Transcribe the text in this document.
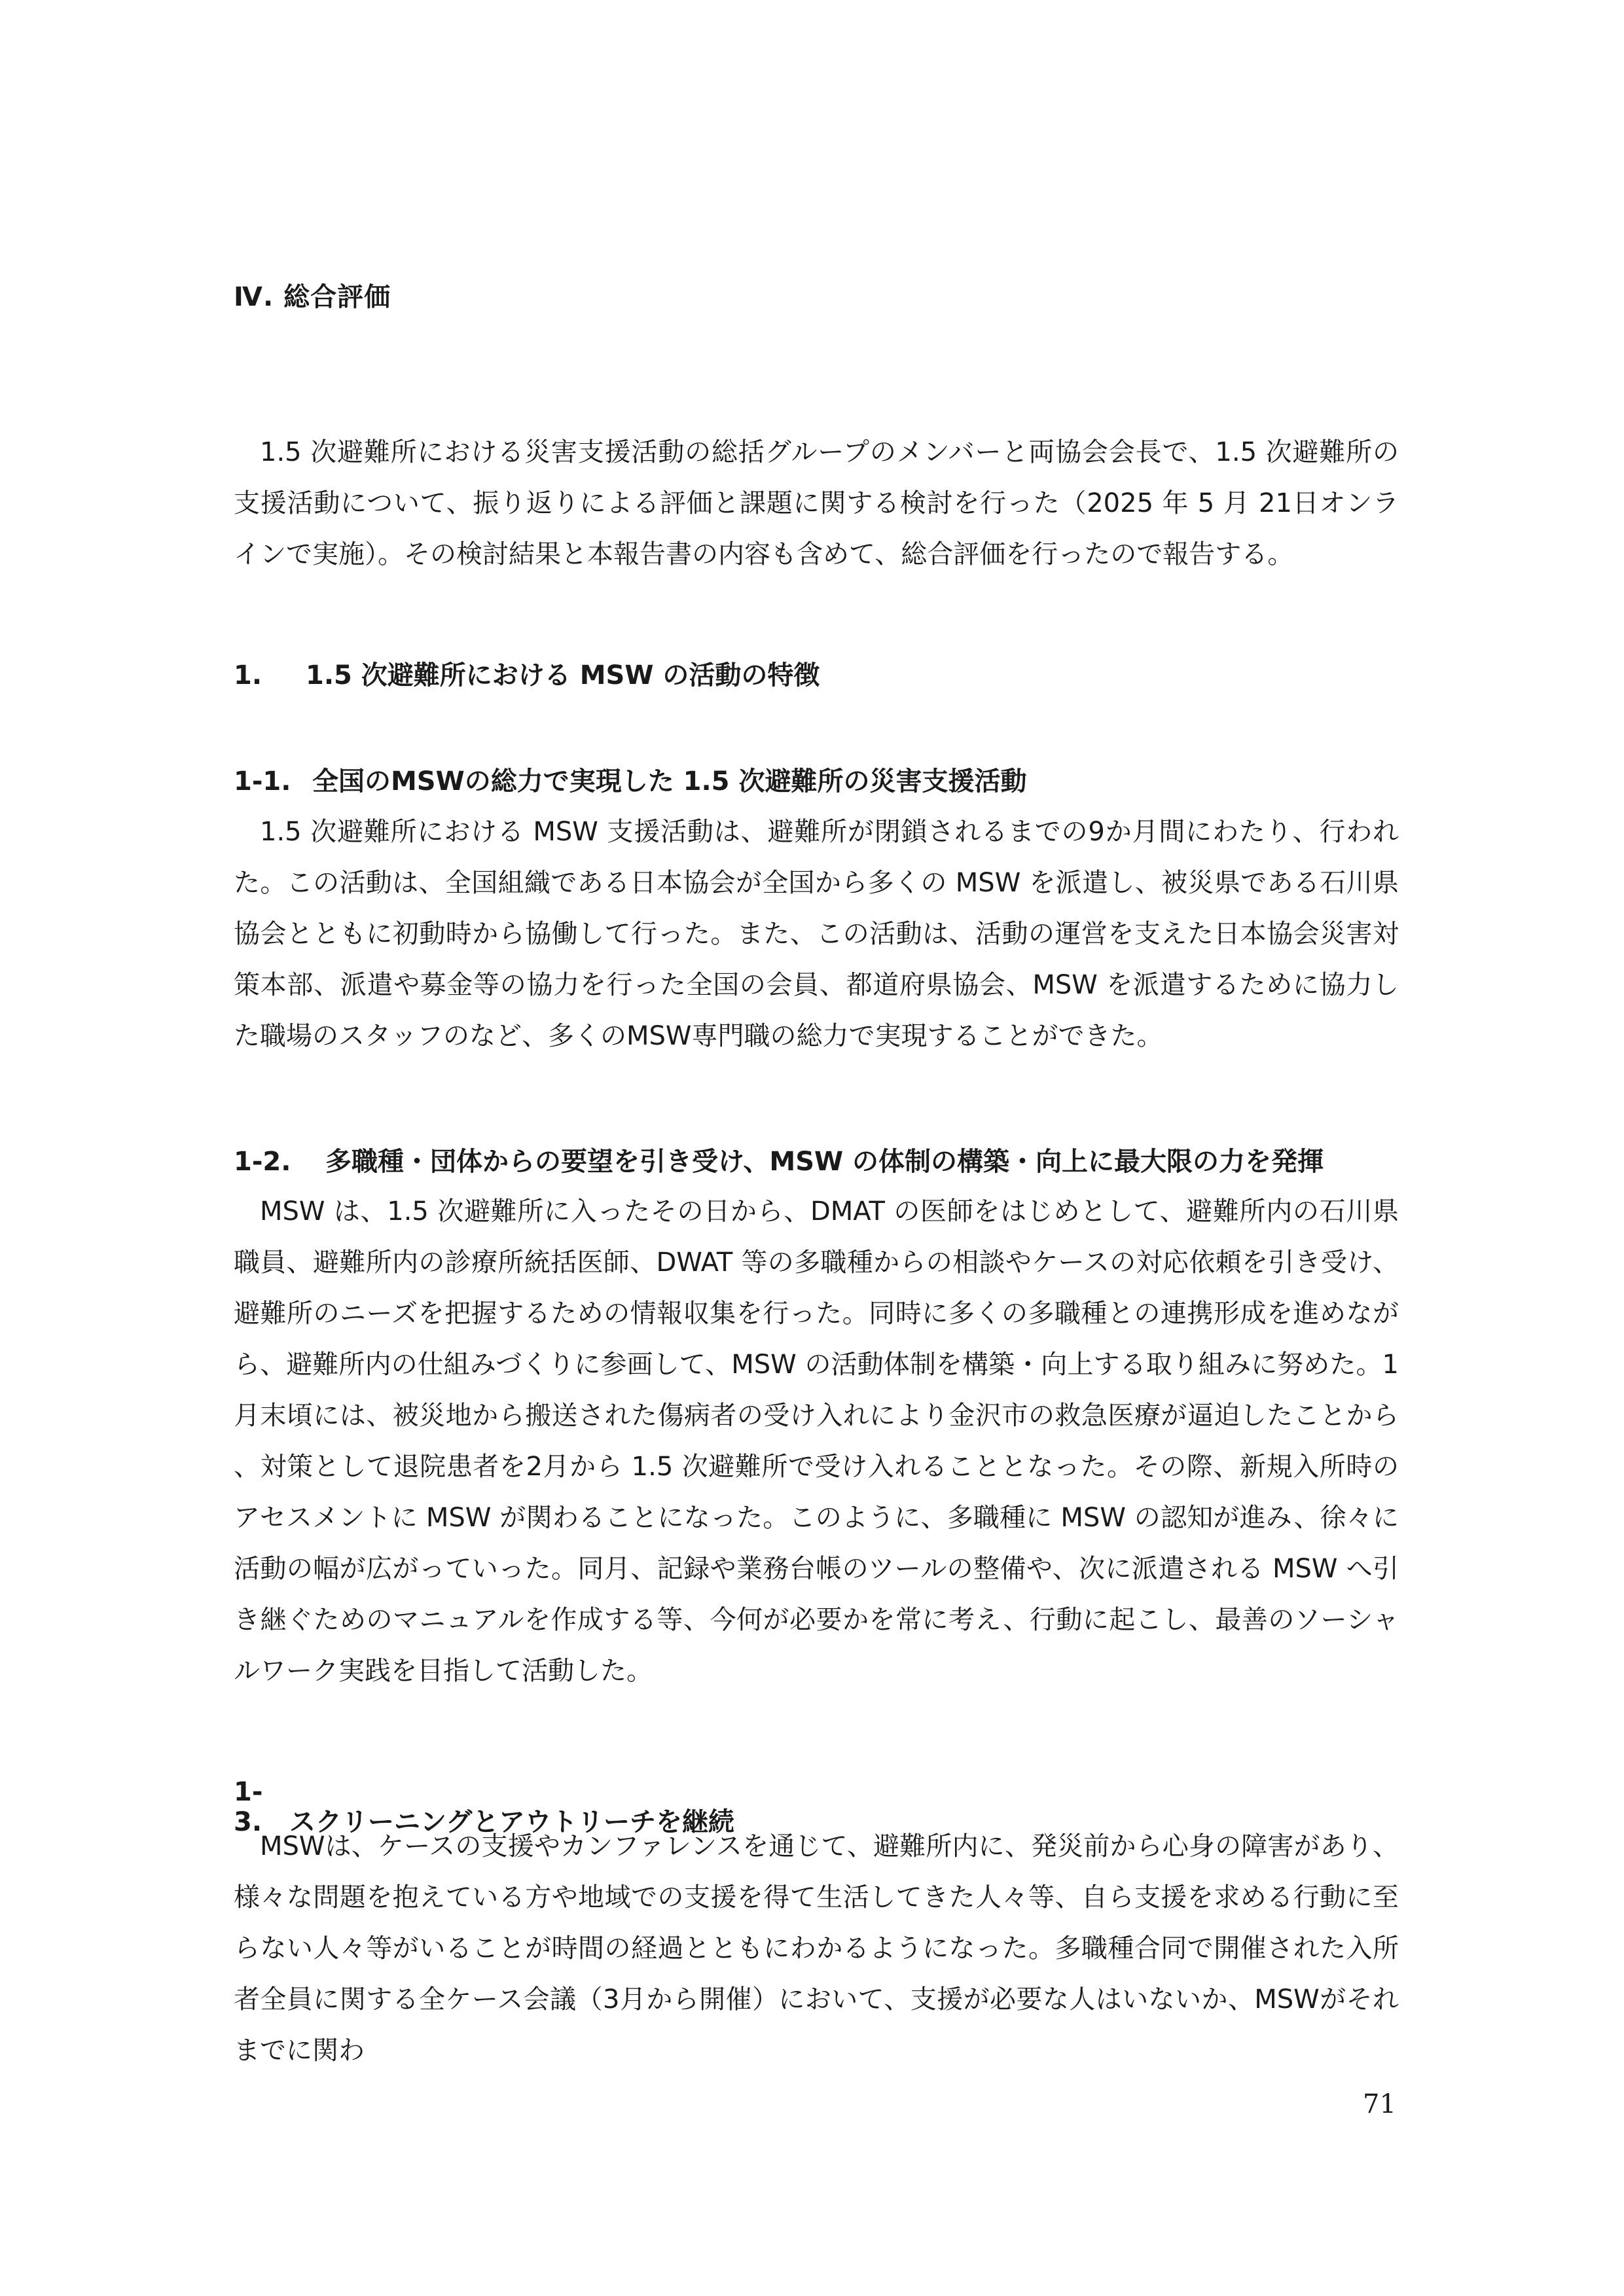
Ⅳ. 総合評価

1.5 次避難所における災害支援活動の総括グループのメンバーと両協会会長で、1.5 次避難所の支援活動について、振り返りによる評価と課題に関する検討を行った（2025 年 5 月 21日オンラインで実施）。その検討結果と本報告書の内容も含めて、総合評価を行ったので報告する。

1. 1.5 次避難所における MSW の活動の特徴
1-1. 全国のMSWの総力で実現した 1.5 次避難所の災害支援活動

1.5 次避難所における MSW 支援活動は、避難所が閉鎖されるまでの9か月間にわたり、行われた。この活動は、全国組織である日本協会が全国から多くの MSW を派遣し、被災県である石川県協会とともに初動時から協働して行った。また、この活動は、活動の運営を支えた日本協会災害対策本部、派遣や募金等の協力を行った全国の会員、都道府県協会、MSW を派遣するために協力した職場のスタッフのなど、多くのMSW専門職の総力で実現することができた。

1-2. 多職種・団体からの要望を引き受け、MSW の体制の構築・向上に最大限の力を発揮

MSW は、1.5 次避難所に入ったその日から、DMAT の医師をはじめとして、避難所内の石川県職員、避難所内の診療所統括医師、DWAT 等の多職種からの相談やケースの対応依頼を引き受け、避難所のニーズを把握するための情報収集を行った。同時に多くの多職種との連携形成を進めながら、避難所内の仕組みづくりに参画して、MSW の活動体制を構築・向上する取り組みに努めた。1 月末頃には、被災地から搬送された傷病者の受け入れにより金沢市の救急医療が逼迫したことから、対策として退院患者を2月から 1.5 次避難所で受け入れることとなった。その際、新規入所時のアセスメントに MSW が関わることになった。このように、多職種に MSW の認知が進み、徐々に活動の幅が広がっていった。同月、記録や業務台帳のツールの整備や、次に派遣される MSW へ引き継ぐためのマニュアルを作成する等、今何が必要かを常に考え、行動に起こし、最善のソーシャルワーク実践を目指して活動した。

1-3. スクリーニングとアウトリーチを継続

MSWは、ケースの支援やカンファレンスを通じて、避難所内に、発災前から心身の障害があり、様々な問題を抱えている方や地域での支援を得て生活してきた人々等、自ら支援を求める行動に至らない人々等がいることが時間の経過とともにわかるようになった。多職種合同で開催された入所者全員に関する全ケース会議（3月から開催）において、支援が必要な人はいないか、MSWがそれまでに関わ

71
